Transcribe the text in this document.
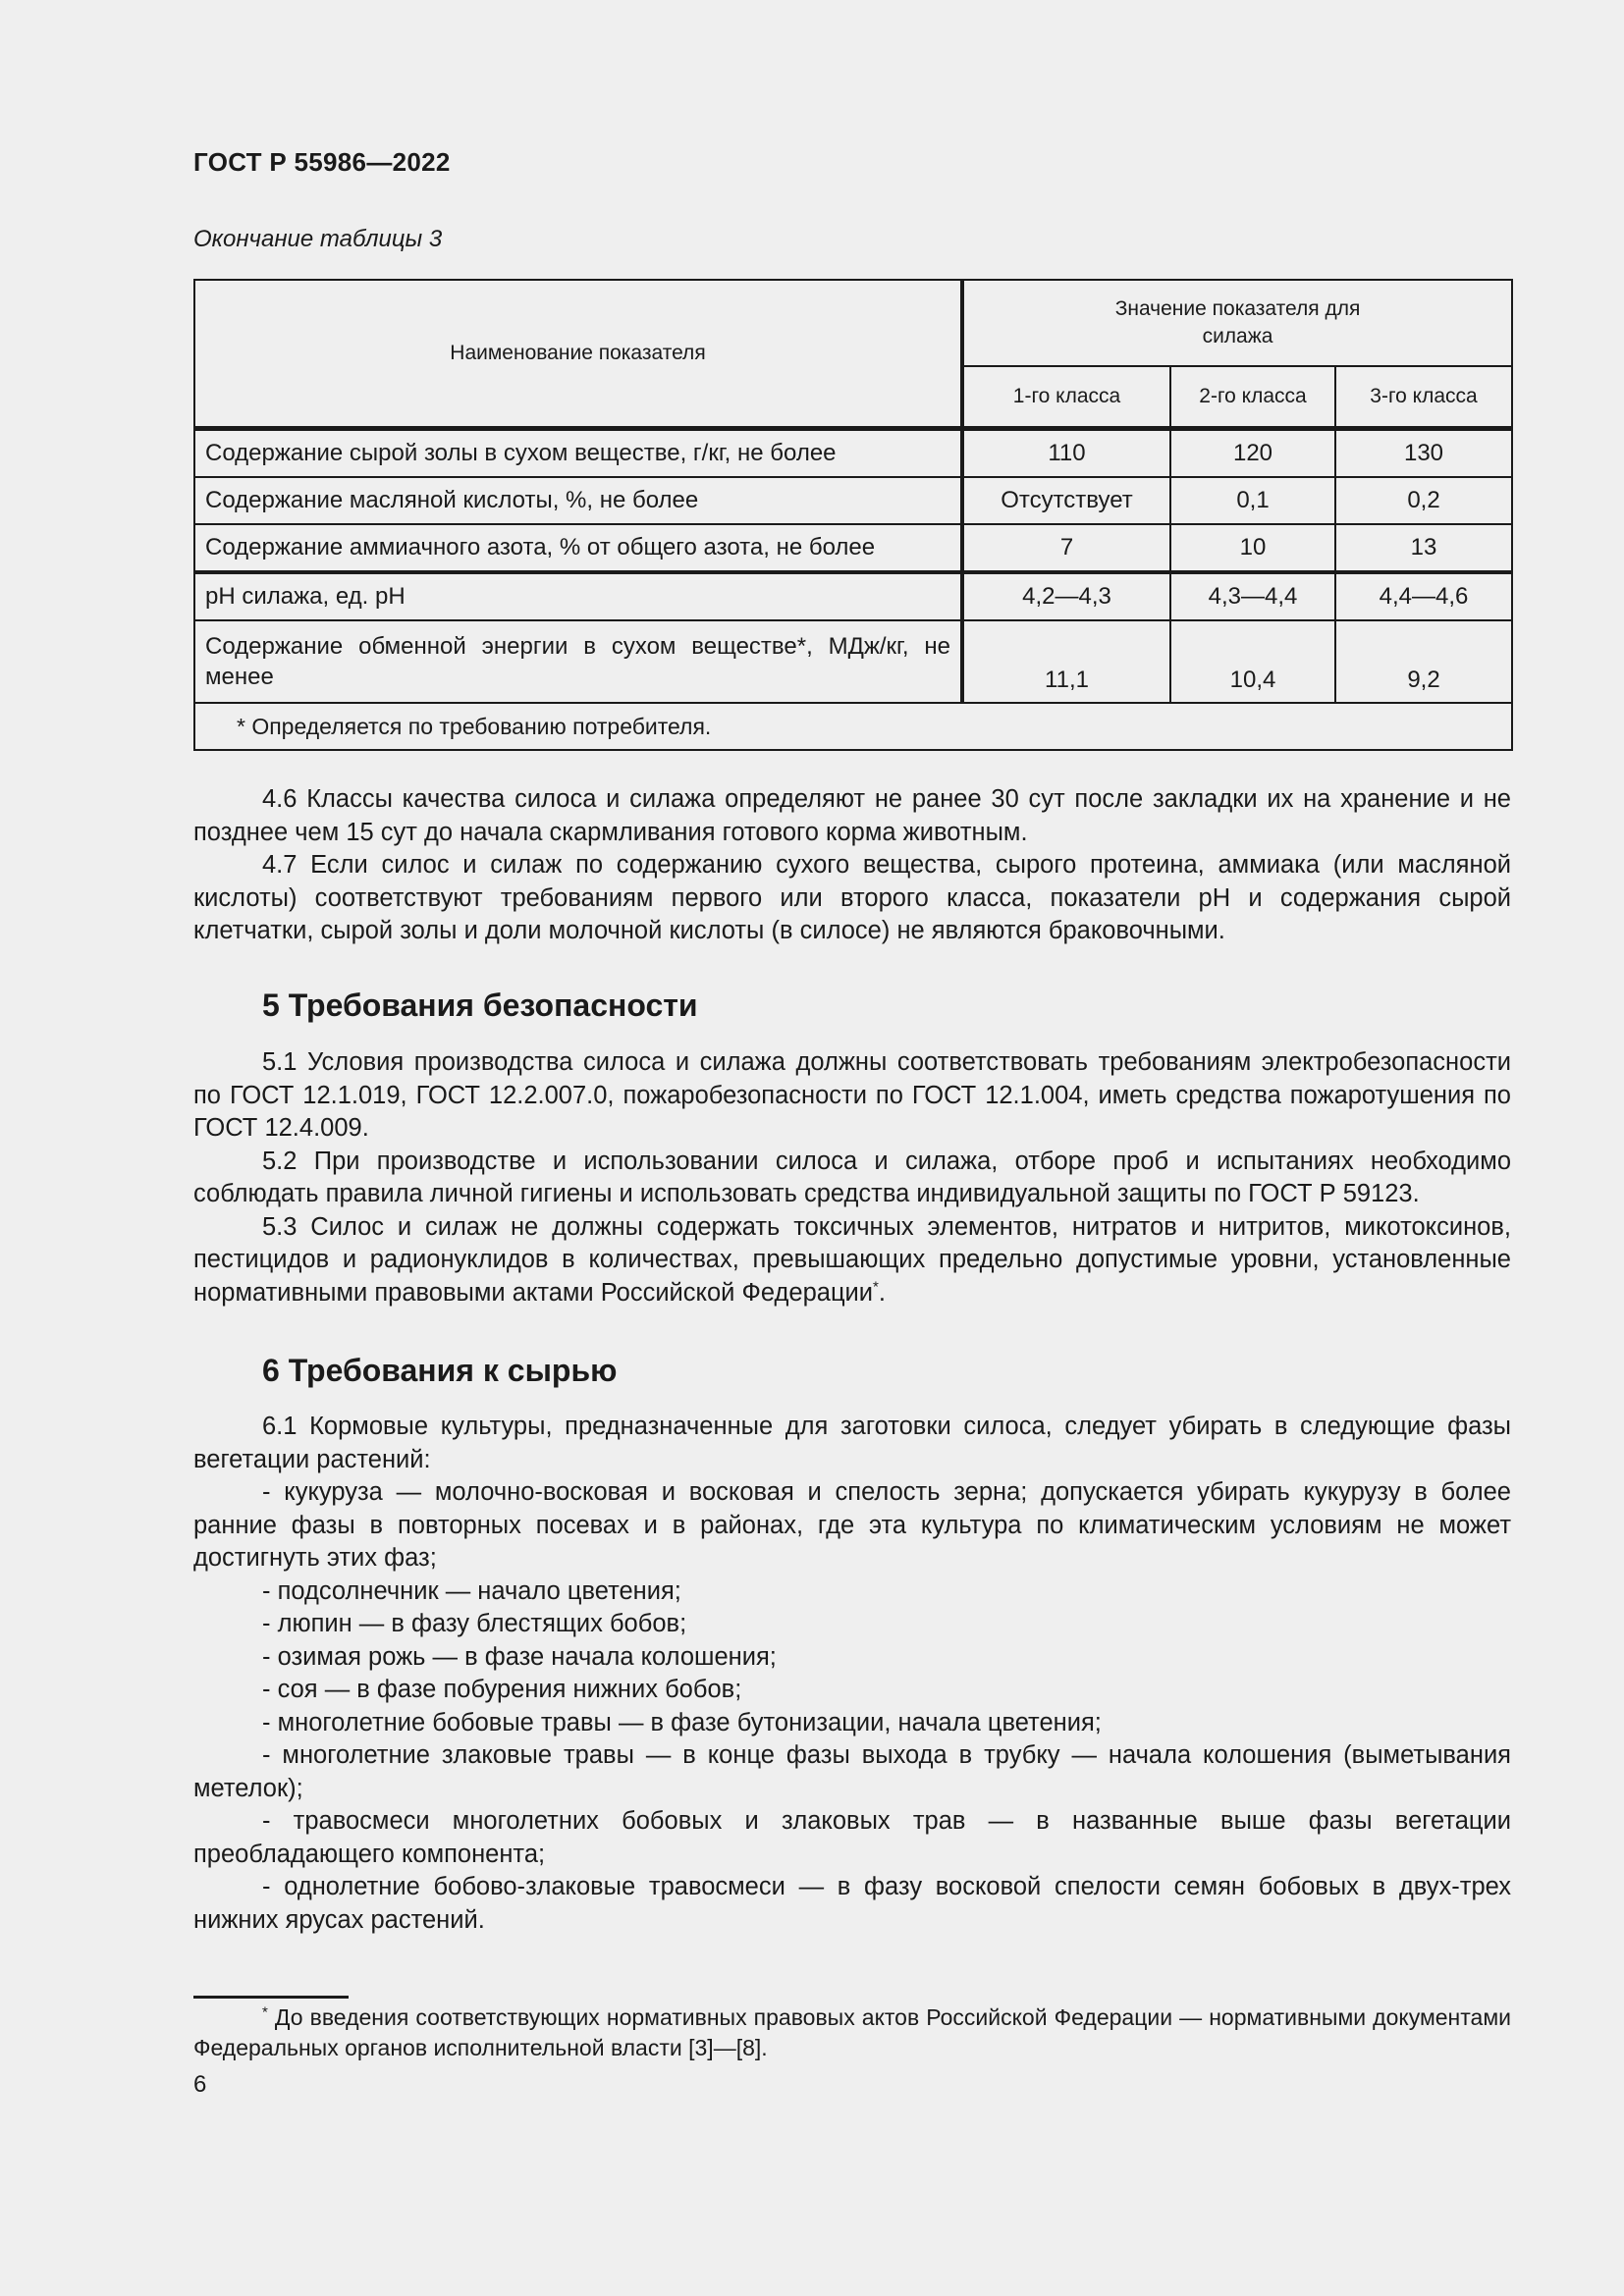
ГОСТ Р 55986—2022
Окончание таблицы 3
Наименование показателя	Значение показателя для силажа		

	1-го класса	2-го класса	3-го класса
Содержание сырой золы в сухом веществе, г/кг, не более	110	120	130
Содержание масляной кислоты, %, не более	Отсутствует	0,1	0,2
Содержание аммиачного азота, % от общего азота, не более	7	10	13
pH силажа, ед. pH	4,2—4,3	4,3—4,4	4,4—4,6
Содержание обменной энергии в сухом веществе*, МДж/кг, не менее	11,1	10,4	9,2
* Определяется по требованию потребителя.			

4.6 Классы качества силоса и силажа определяют не ранее 30 сут после закладки их на хранение и не позднее чем 15 сут до начала скармливания готового корма животным.

4.7 Если силос и силаж по содержанию сухого вещества, сырого протеина, аммиака (или масляной кислоты) соответствуют требованиям первого или второго класса, показатели pH и содержания сырой клетчатки, сырой золы и доли молочной кислоты (в силосе) не являются браковочными.

5 Требования безопасности

5.1 Условия производства силоса и силажа должны соответствовать требованиям электробезопасности по ГОСТ 12.1.019, ГОСТ 12.2.007.0, пожаробезопасности по ГОСТ 12.1.004, иметь средства пожаротушения по ГОСТ 12.4.009.

5.2 При производстве и использовании силоса и силажа, отборе проб и испытаниях необходимо соблюдать правила личной гигиены и использовать средства индивидуальной защиты по ГОСТ Р 59123.

5.3 Силос и силаж не должны содержать токсичных элементов, нитратов и нитритов, микотоксинов, пестицидов и радионуклидов в количествах, превышающих предельно допустимые уровни, установленные нормативными правовыми актами Российской Федерации*.

6 Требования к сырью

6.1 Кормовые культуры, предназначенные для заготовки силоса, следует убирать в следующие фазы вегетации растений:

- кукуруза — молочно-восковая и восковая и спелость зерна; допускается убирать кукурузу в более ранние фазы в повторных посевах и в районах, где эта культура по климатическим условиям не может достигнуть этих фаз;

- подсолнечник — начало цветения;

- люпин — в фазу блестящих бобов;

- озимая рожь — в фазе начала колошения;

- соя — в фазе побурения нижних бобов;

- многолетние бобовые травы — в фазе бутонизации, начала цветения;

- многолетние злаковые травы — в конце фазы выхода в трубку — начала колошения (выметывания метелок);

- травосмеси многолетних бобовых и злаковых трав — в названные выше фазы вегетации преобладающего компонента;

- однолетние бобово-злаковые травосмеси — в фазу восковой спелости семян бобовых в двух-трех нижних ярусах растений.

* До введения соответствующих нормативных правовых актов Российской Федерации — нормативными документами Федеральных органов исполнительной власти [3]—[8].

6
